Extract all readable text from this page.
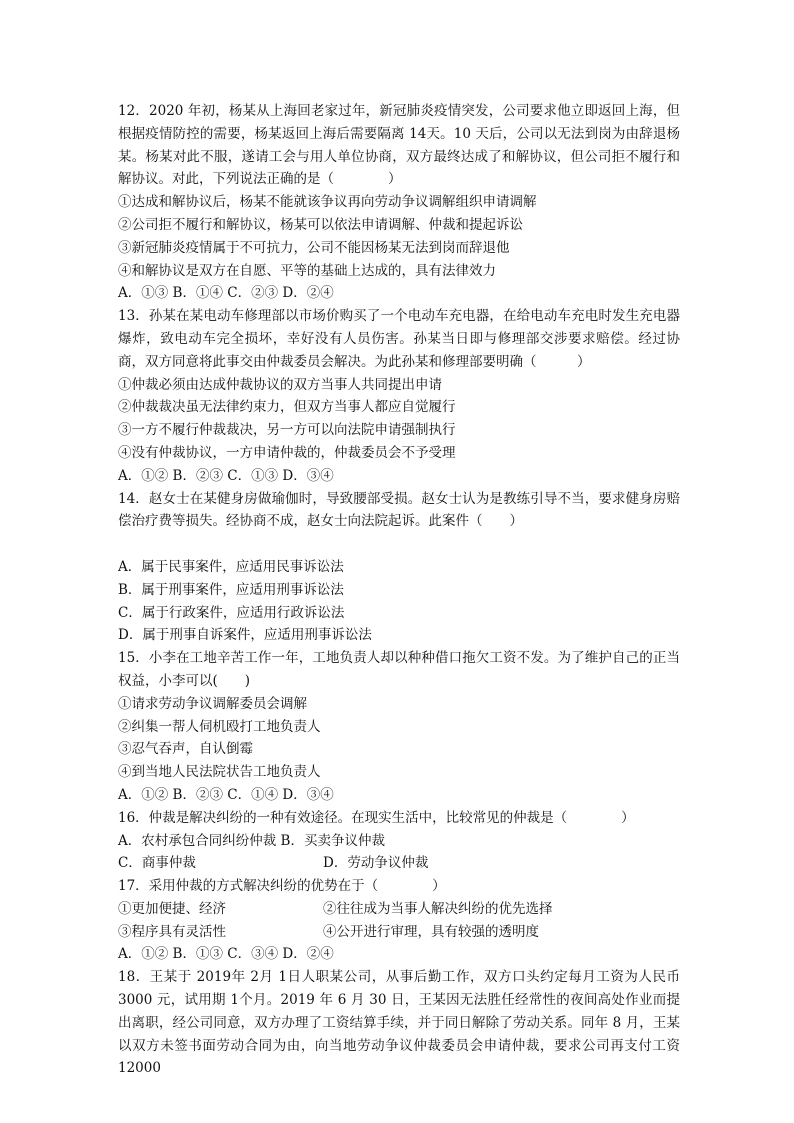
12．2020 年初，杨某从上海回老家过年，新冠肺炎疫情突发，公司要求他立即返回上海，但根据疫情防控的需要，杨某返回上海后需要隔离 14天。10 天后，公司以无法到岗为由辞退杨某。杨某对此不服，遂请工会与用人单位协商，双方最终达成了和解协议，但公司拒不履行和解协议。对此，下列说法正确的是（　　　　）
①达成和解协议后，杨某不能就该争议再向劳动争议调解组织申请调解
②公司拒不履行和解协议，杨某可以依法申请调解、仲裁和提起诉讼
③新冠肺炎疫情属于不可抗力，公司不能因杨某无法到岗而辞退他
④和解协议是双方在自愿、平等的基础上达成的，具有法律效力
A．①③ B．①④ C．②③ D．②④
13．孙某在某电动车修理部以市场价购买了一个电动车充电器，在给电动车充电时发生充电器爆炸，致电动车完全损坏，幸好没有人员伤害。孙某当日即与修理部交涉要求赔偿。经过协商，双方同意将此事交由仲裁委员会解决。为此孙某和修理部要明确（　　　）
①仲裁必须由达成仲裁协议的双方当事人共同提出申请
②仲裁裁决虽无法律约束力，但双方当事人都应自觉履行
③一方不履行仲裁裁决，另一方可以向法院申请强制执行
④没有仲裁协议，一方申请仲裁的，仲裁委员会不予受理
A．①② B．②③ C．①③ D．③④
14．赵女士在某健身房做瑜伽时，导致腰部受损。赵女士认为是教练引导不当，要求健身房赔偿治疗费等损失。经协商不成，赵女士向法院起诉。此案件（　　）
A．属于民事案件，应适用民事诉讼法
B．属于刑事案件，应适用刑事诉讼法
C．属于行政案件，应适用行政诉讼法
D．属于刑事自诉案件，应适用刑事诉讼法
15．小李在工地辛苦工作一年，工地负责人却以种种借口拖欠工资不发。为了维护自己的正当权益，小李可以(　　)
①请求劳动争议调解委员会调解
②纠集一帮人伺机殴打工地负责人
③忍气吞声，自认倒霉
④到当地人民法院状告工地负责人
A．①② B．②③ C．①④ D．③④
16．仲裁是解决纠纷的一种有效途径。在现实生活中，比较常见的仲裁是（　　　　）
A．农村承包合同纠纷仲裁 B．买卖争议仲裁
C．商事仲裁	D．劳动争议仲裁
17．采用仲裁的方式解决纠纷的优势在于（　　　　）
①更加便捷、经济	②往往成为当事人解决纠纷的优先选择
③程序具有灵活性	④公开进行审理，具有较强的透明度
A．①② B．①③ C．③④ D．②④
18．王某于 2019年 2月 1日人职某公司，从事后勤工作，双方口头约定每月工资为人民币 3000 元，试用期 1个月。2019 年 6 月 30 日，王某因无法胜任经常性的夜间高处作业而提出离职，经公司同意，双方办理了工资结算手续，并于同日解除了劳动关系。同年 8 月，王某以双方未签书面劳动合同为由，向当地劳动争议仲裁委员会申请仲裁，要求公司再支付工资 12000
